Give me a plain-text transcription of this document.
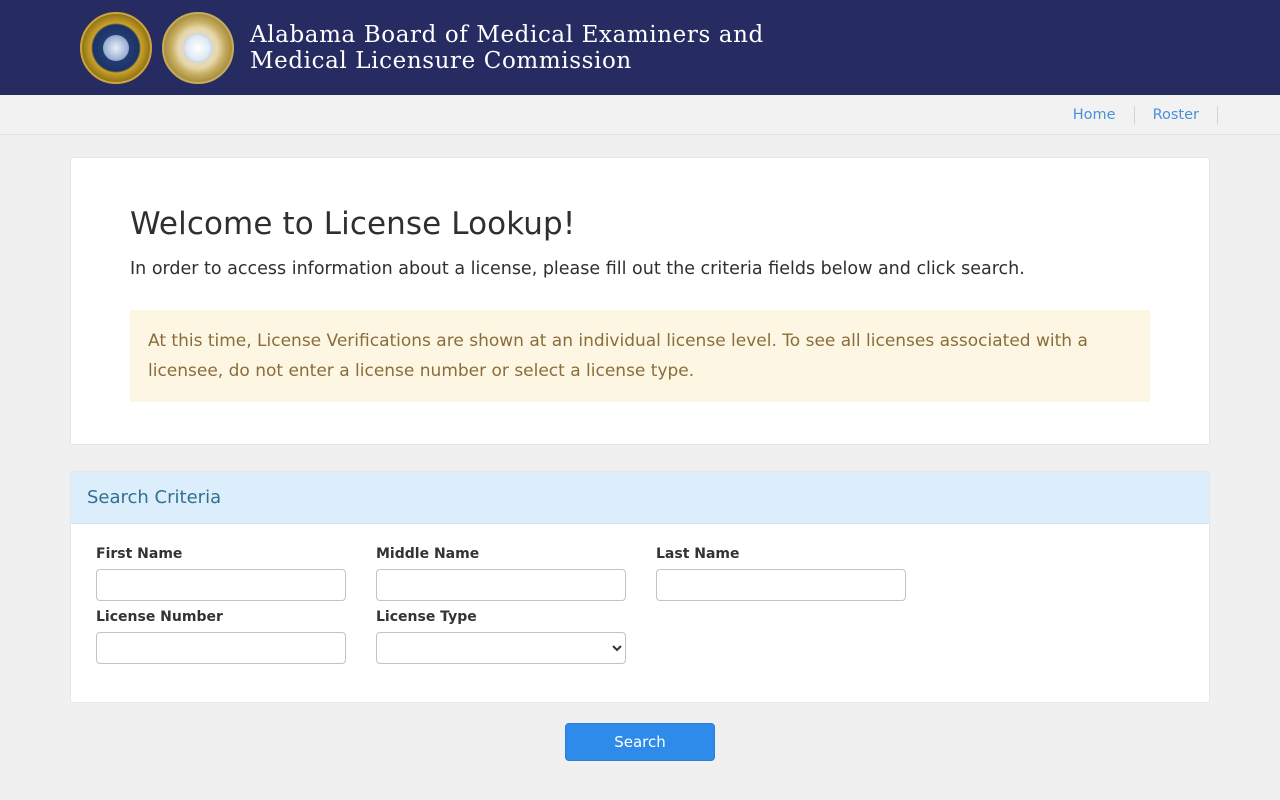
Alabama Board of Medical Examiners and
Medical Licensure Commission
Home	Roster
Welcome to License Lookup!

In order to access information about a license, please fill out the criteria fields below and click search.

At this time, License Verifications are shown at an individual license level. To see all licenses associated with a licensee, do not enter a license number or select a license type.
Search Criteria
First Name	Middle Name	Last Name
License Number	License Type
Search
